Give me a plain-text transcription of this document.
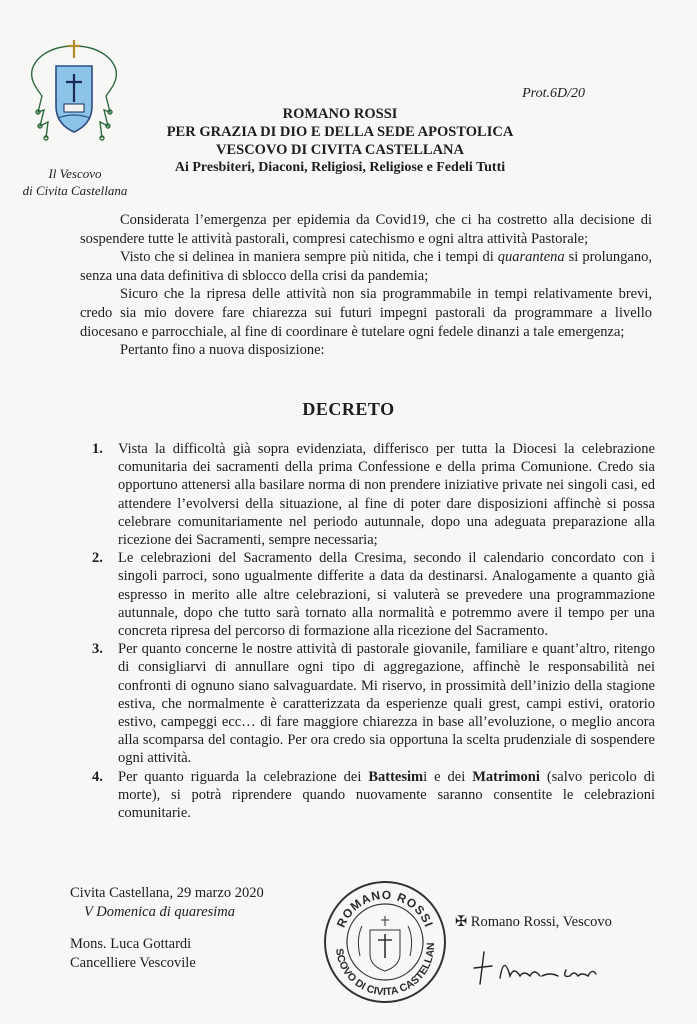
Il Vescovo
di Civita Castellana
Prot.6D/20
ROMANO ROSSI
PER GRAZIA DI DIO E DELLA SEDE APOSTOLICA
VESCOVO DI CIVITA CASTELLANA
Ai Presbiteri, Diaconi, Religiosi, Religiose e Fedeli Tutti

Considerata l’emergenza per epidemia da Covid19, che ci ha costretto alla decisione di sospendere tutte le attività pastorali, compresi catechismo e ogni altra attività Pastorale;

Visto che si delinea in maniera sempre più nitida, che i tempi di quarantena si prolungano, senza una data definitiva di sblocco della crisi da pandemia;

Sicuro che la ripresa delle attività non sia programmabile in tempi relativamente brevi, credo sia mio dovere fare chiarezza sui futuri impegni pastorali da programmare a livello diocesano e parrocchiale, al fine di coordinare è tutelare ogni fedele dinanzi a tale emergenza;

Pertanto fino a nuova disposizione:

DECRETO
1. Vista la difficoltà già sopra evidenziata, differisco per tutta la Diocesi la celebrazione comunitaria dei sacramenti della prima Confessione e della prima Comunione. Credo sia opportuno attenersi alla basilare norma di non prendere iniziative private nei singoli casi, ed attendere l’evolversi della situazione, al fine di poter dare disposizioni affinchè si possa celebrare comunitariamente nel periodo autunnale, dopo una adeguata preparazione alla ricezione dei Sacramenti, sempre necessaria;
2. Le celebrazioni del Sacramento della Cresima, secondo il calendario concordato con i singoli parroci, sono ugualmente differite a data da destinarsi. Analogamente a quanto già espresso in merito alle altre celebrazioni, si valuterà se prevedere una programmazione autunnale, dopo che tutto sarà tornato alla normalità e potremmo avere il tempo per una concreta ripresa del percorso di formazione alla ricezione del Sacramento.
3. Per quanto concerne le nostre attività di pastorale giovanile, familiare e quant’altro, ritengo di consigliarvi di annullare ogni tipo di aggregazione, affinchè le responsabilità nei confronti di ognuno siano salvaguardate. Mi riservo, in prossimità dell’inizio della stagione estiva, che normalmente è caratterizzata da esperienze quali grest, campi estivi, oratorio estivo, campeggi ecc… di fare maggiore chiarezza in base all’evoluzione, o meglio ancora alla scomparsa del contagio. Per ora credo sia opportuna la scelta prudenziale di sospendere ogni attività.
4. Per quanto riguarda la celebrazione dei Battesimi e dei Matrimoni (salvo pericolo di morte), si potrà riprendere quando nuovamente saranno consentite le celebrazioni comunitarie.
Civita Castellana, 29 marzo 2020
V Domenica di quaresima
Mons. Luca Gottardi
Cancelliere Vescovile
ROMANO ROSSI
SCOVO DI CIVITA CASTELLAN
✠ Romano Rossi, Vescovo
